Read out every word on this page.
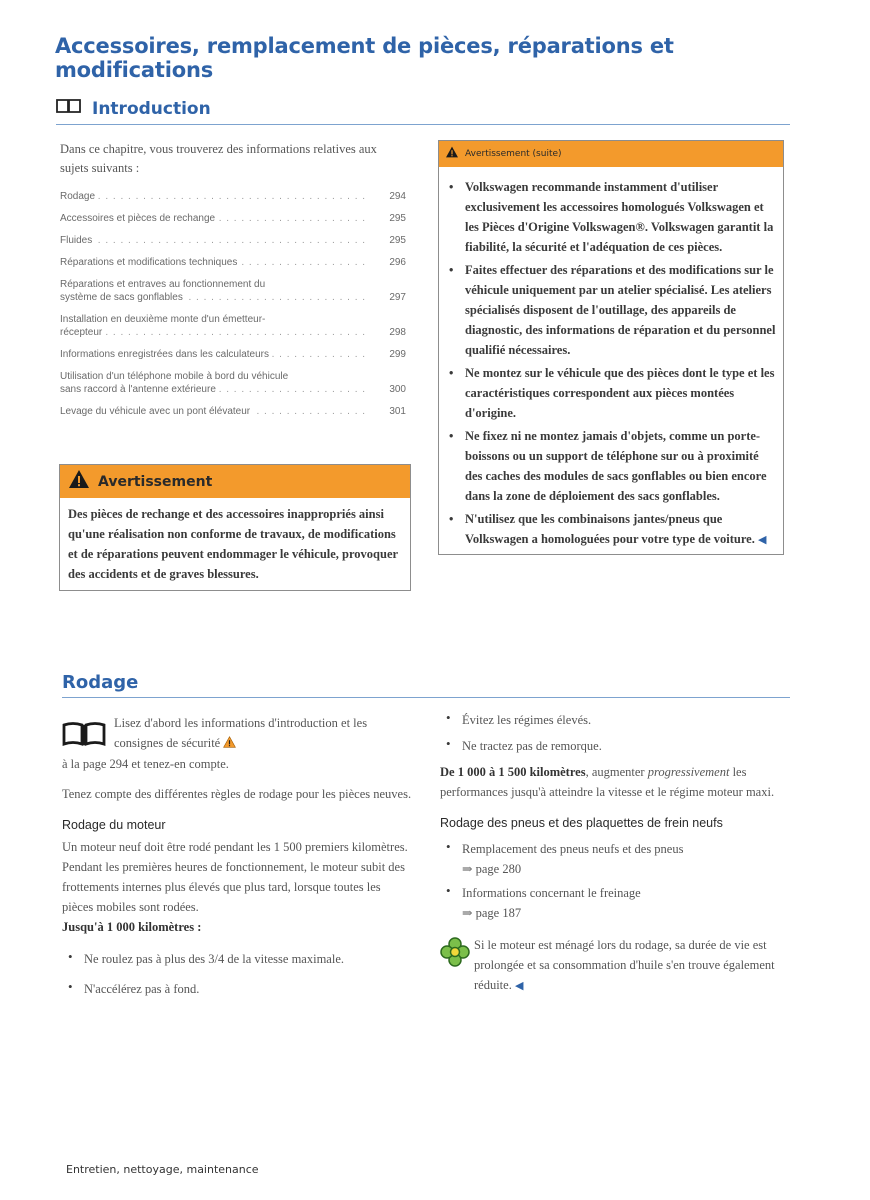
Accessoires, remplacement de pièces, réparations et modifications
Introduction

Dans ce chapitre, vous trouverez des informations relatives aux sujets suivants :

Rodage . . .	294
Accessoires et pièces de rechange . . .	295
Fluides . . .	295
Réparations et modifications techniques . . .	296
Réparations et entraves au fonctionnement du
système de sacs gonflables . . .	297
Installation en deuxième monte d'un émetteur-
récepteur . . .	298
Informations enregistrées dans les calculateurs . . .	299
Utilisation d'un téléphone mobile à bord du véhicule
sans raccord à l'antenne extérieure . . .	300
Levage du véhicule avec un pont élévateur . . .	301
Avertissement
Des pièces de rechange et des accessoires inappropriés ainsi qu'une réalisation non conforme de travaux, de modifications et de réparations peuvent endommager le véhicule, provoquer des accidents et de graves blessures.
Avertissement (suite)
• Volkswagen recommande instamment d'utiliser exclusivement les accessoires homologués Volkswagen et les Pièces d'Origine Volkswagen®. Volkswagen garantit la fiabilité, la sécurité et l'adéquation de ces pièces.
• Faites effectuer des réparations et des modifications sur le véhicule uniquement par un atelier spécialisé. Les ateliers spécialisés disposent de l'outillage, des appareils de diagnostic, des informations de réparation et du personnel qualifié nécessaires.
• Ne montez sur le véhicule que des pièces dont le type et les caractéristiques correspondent aux pièces montées d'origine.
• Ne fixez ni ne montez jamais d'objets, comme un porte-boissons ou un support de téléphone sur ou à proximité des caches des modules de sacs gonflables ou bien encore dans la zone de déploiement des sacs gonflables.
• N'utilisez que les combinaisons jantes/pneus que Volkswagen a homologuées pour votre type de voiture. ◀
Rodage

Lisez d'abord les informations d'introduction et les consignes de sécurité

à la page 294 et tenez-en compte.

Tenez compte des différentes règles de rodage pour les pièces neuves.

Rodage du moteur

Un moteur neuf doit être rodé pendant les 1 500 premiers kilomètres. Pendant les premières heures de fonctionnement, le moteur subit des frottements internes plus élevés que plus tard, lorsque toutes les pièces mobiles sont rodées.

Jusqu'à 1 000 kilomètres :

• Ne roulez pas à plus des 3/4 de la vitesse maximale.

• N'accélérez pas à fond.

• Évitez les régimes élevés.

• Ne tractez pas de remorque.

De 1 000 à 1 500 kilomètres, augmenter progressivement les performances jusqu'à atteindre la vitesse et le régime moteur maxi.

Rodage des pneus et des plaquettes de frein neufs
• Remplacement des pneus neufs et des pneus
⇒ page 280

• Informations concernant le freinage
⇒ page 187

Si le moteur est ménagé lors du rodage, sa durée de vie est prolongée et sa consommation d'huile s'en trouve également réduite. ◀

Entretien, nettoyage, maintenance
